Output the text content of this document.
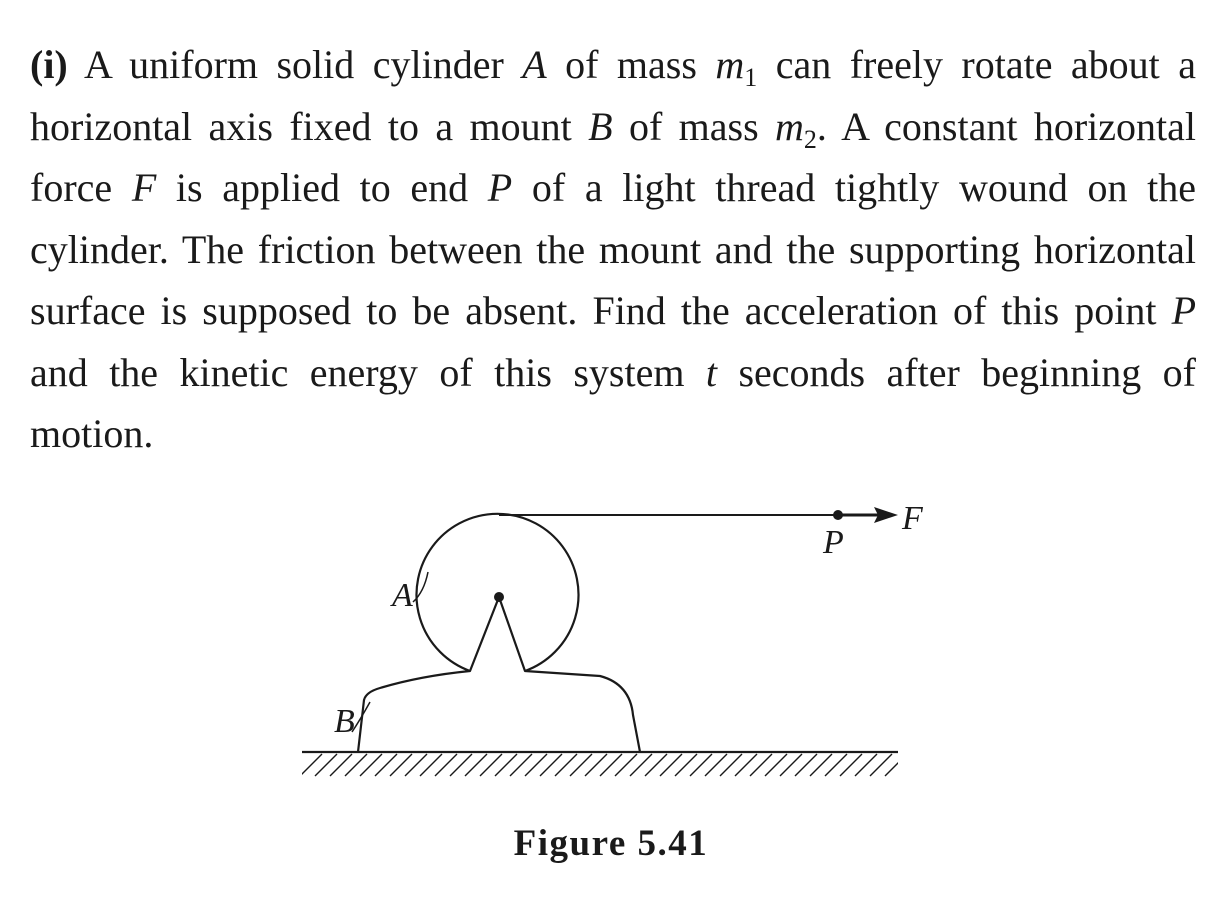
(i) A uniform solid cylinder A of mass $m_1$ can freely rotate about a horizontal axis fixed to a mount B of mass $m_2$. A constant horizontal force F is applied to end P of a light thread tightly wound on the cylinder. The friction between the mount and the supporting horizontal surface is supposed to be absent. Find the acceleration of this point P and the kinetic energy of this system t seconds after beginning of motion.

A
B
P
F

Figure 5.41
